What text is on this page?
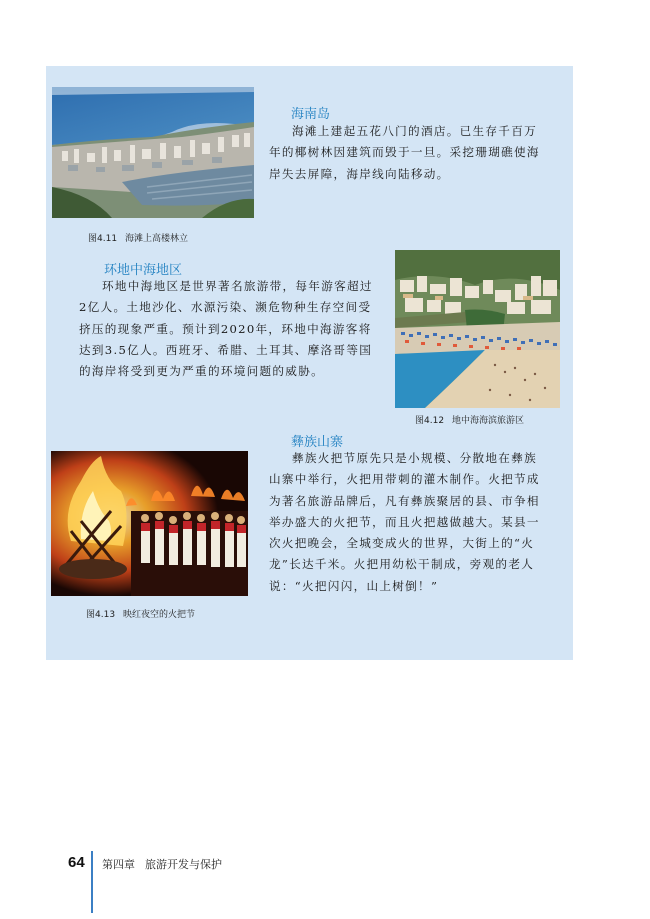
图4.11 海滩上高楼林立
海南岛
海滩上建起五花八门的酒店。已生存千百万
年的椰树林因建筑而毁于一旦。采挖珊瑚礁使海
岸失去屏障，海岸线向陆移动。
环地中海地区
环地中海地区是世界著名旅游带，每年游客超过
2亿人。土地沙化、水源污染、濒危物种生存空间受
挤压的现象严重。预计到2020年，环地中海游客将
达到3.5亿人。西班牙、希腊、土耳其、摩洛哥等国
的海岸将受到更为严重的环境问题的威胁。
图4.12 地中海海滨旅游区
彝族山寨
彝族火把节原先只是小规模、分散地在彝族
山寨中举行，火把用带刺的灌木制作。火把节成
为著名旅游品牌后，凡有彝族聚居的县、市争相
举办盛大的火把节，而且火把越做越大。某县一
次火把晚会，全城变成火的世界，大街上的“火
龙”长达千米。火把用幼松干制成，旁观的老人
说：“火把闪闪，山上树倒！”
图4.13 映红夜空的火把节
64 第四章 旅游开发与保护
